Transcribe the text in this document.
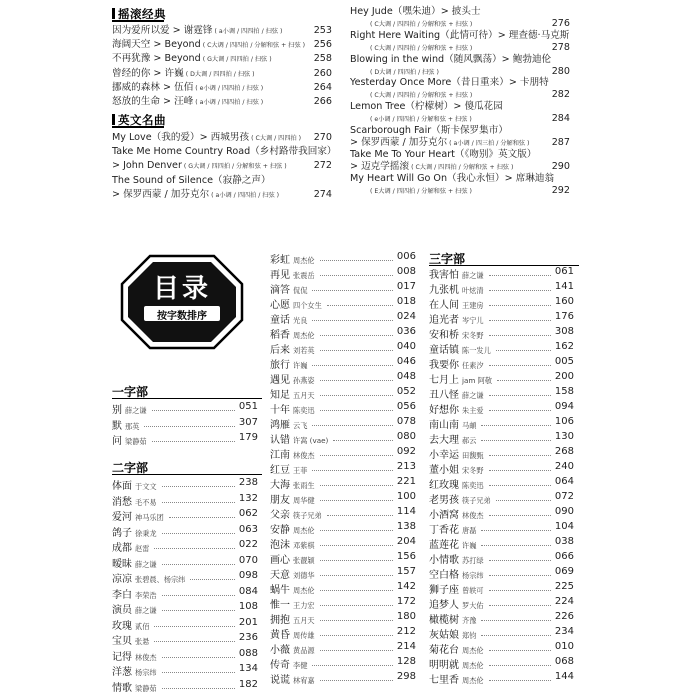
摇滚经典
因为爱所以爱 > 谢霆锋 ( a小调 / 四四拍 / 扫弦 )	253
海阔天空 > Beyond ( C大调 / 四四拍 / 分解和弦 + 扫弦 ) 256
不再犹豫 > Beyond ( G大调 / 四四拍 / 扫弦 )	258
曾经的你 > 许巍 ( D大调 / 四四拍 / 扫弦 )	260
挪威的森林 > 伍佰 ( e小调 / 四四拍 / 扫弦 )	264
怒放的生命 > 汪峰 ( a小调 / 四四拍 / 扫弦 )	266
英文名曲
My Love（我的爱）> 西城男孩 ( C大调 / 四四拍 ) 270
Take Me Home Country Road（乡村路带我回家）
> John Denver ( G大调 / 四四拍 / 分解和弦 + 扫弦 )	272
The Sound of Silence（寂静之声）
> 保罗西蒙 / 加芬克尔 ( a小调 / 四四拍 / 扫弦 )	274
Hey Jude（嘿朱迪）> 披头士
( C大调 / 四四拍 / 分解和弦 + 扫弦 )	276
Right Here Waiting（此情可待）> 理查德·马克斯
( C大调 / 四四拍 / 分解和弦 + 扫弦 )	278
Blowing in the wind（随风飘荡）> 鲍勃迪伦
( D大调 / 四四拍 / 扫弦 )	280
Yesterday Once More（昔日重来）> 卡朋特
( C大调 / 四四拍 / 分解和弦 + 扫弦 )	282
Lemon Tree（柠檬树）> 傻瓜花园
( e小调 / 四四拍 / 分解和弦 + 扫弦 )	284
Scarborough Fair（斯卡保罗集市）
> 保罗西蒙 / 加芬克尔 ( a小调 / 四三拍 / 分解和弦 ) 287
Take Me To Your Heart（《吻别》英文版）
> 迈克学摇滚 ( C大调 / 四四拍 / 分解和弦 + 扫弦 )	290
My Heart Will Go On（我心永恒）> 席琳迪翁
( E大调 / 四四拍 / 分解和弦 + 扫弦 )	292
目录
按字数排序
一字部
别 薛之谦	051
默 那英	307
问 梁静茹	179
二字部
体面 于文文	238
消愁 毛不易	132
爱河 神马乐团	062
鸽子 徐秉龙	063
成都 赵雷	022
暧昧 薛之谦	070
凉凉 张碧晨、杨宗纬	098
李白 李荣浩	084
演员 薛之谦	108
玫瑰 贰佰	201
宝贝 张悬	236
记得 林俊杰	088
洋葱 杨宗纬	134
情歌 梁静茹	182
彩虹 周杰伦	006
再见 张震岳	008
滴答 侃侃	017
心愿 四个女生	018
童话 光良	024
稻香 周杰伦	036
后来 刘若英	040
旅行 许巍	046
遇见 孙燕姿	048
知足 五月天	052
十年 陈奕迅	056
鸿雁 云飞	078
认错 许嵩 (vae)	080
江南 林俊杰	092
红豆 王菲	213
大海 张雨生	221
朋友 周华健	100
父亲 筷子兄弟	114
安静 周杰伦	138
泡沫 邓紫棋	204
画心 张靓颖	156
天意 刘德华	157
蜗牛 周杰伦	142
惟一 王力宏	172
拥抱 五月天	180
黄昏 周传雄	212
小薇 黄品源	214
传奇 李健	128
说谎 林宥嘉	298
三字部
我害怕 薛之谦	061
九张机 叶炫清	141
在人间 王建房	160
追光者 岑宁儿	176
安和桥 宋冬野	308
童话镇 陈一发儿	162
我要你 任素汐	005
七月上 jam 阿敬	200
丑八怪 薛之谦	158
好想你 朱主爱	094
南山南 马頔	106
去大理 郝云	130
小幸运 田馥甄	268
董小姐 宋冬野	240
红玫瑰 陈奕迅	064
老男孩 筷子兄弟	072
小酒窝 林俊杰	090
丁香花 唐磊	104
蓝莲花 许巍	038
小情歌 苏打绿	066
空白格 杨宗纬	069
狮子座 曾轶可	225
追梦人 罗大佑	224
橄榄树 齐豫	226
灰姑娘 郑钧	234
菊花台 周杰伦	010
明明就 周杰伦	068
七里香 周杰伦	144
